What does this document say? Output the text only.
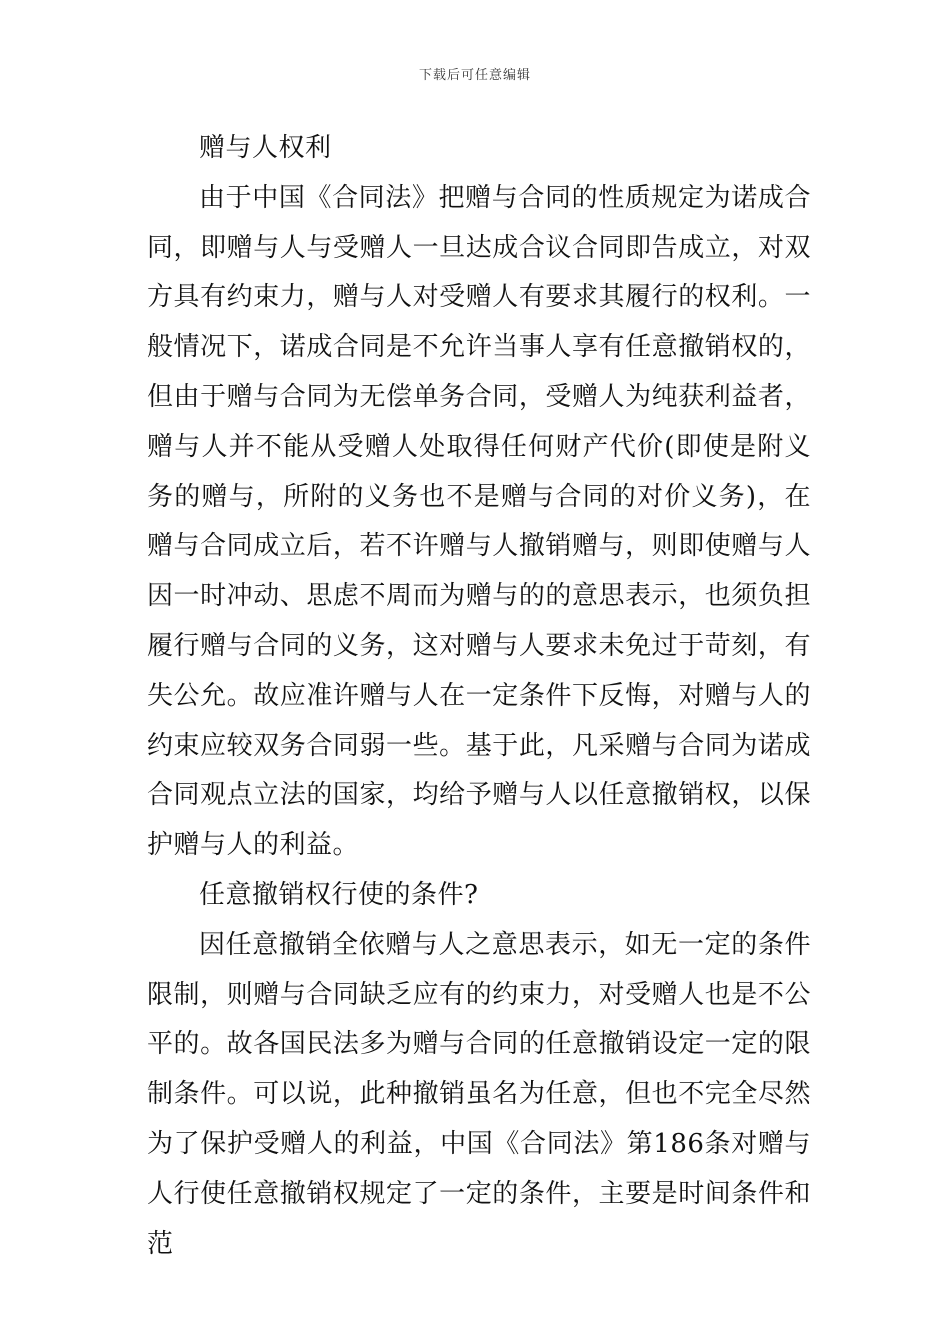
下载后可任意编辑

赠与人权利

由于中国《合同法》把赠与合同的性质规定为诺成合同，即赠与人与受赠人一旦达成合议合同即告成立，对双方具有约束力，赠与人对受赠人有要求其履行的权利。一般情况下，诺成合同是不允许当事人享有任意撤销权的，但由于赠与合同为无偿单务合同，受赠人为纯获利益者，赠与人并不能从受赠人处取得任何财产代价(即使是附义务的赠与，所附的义务也不是赠与合同的对价义务)，在赠与合同成立后，若不许赠与人撤销赠与，则即使赠与人因一时冲动、思虑不周而为赠与的的意思表示，也须负担履行赠与合同的义务，这对赠与人要求未免过于苛刻，有失公允。故应准许赠与人在一定条件下反悔，对赠与人的约束应较双务合同弱一些。基于此，凡采赠与合同为诺成合同观点立法的国家，均给予赠与人以任意撤销权，以保护赠与人的利益。

任意撤销权行使的条件?

因任意撤销全依赠与人之意思表示，如无一定的条件限制，则赠与合同缺乏应有的约束力，对受赠人也是不公平的。故各国民法多为赠与合同的任意撤销设定一定的限制条件。可以说，此种撤销虽名为任意，但也不完全尽然为了保护受赠人的利益，中国《合同法》第186条对赠与人行使任意撤销权规定了一定的条件，主要是时间条件和范
